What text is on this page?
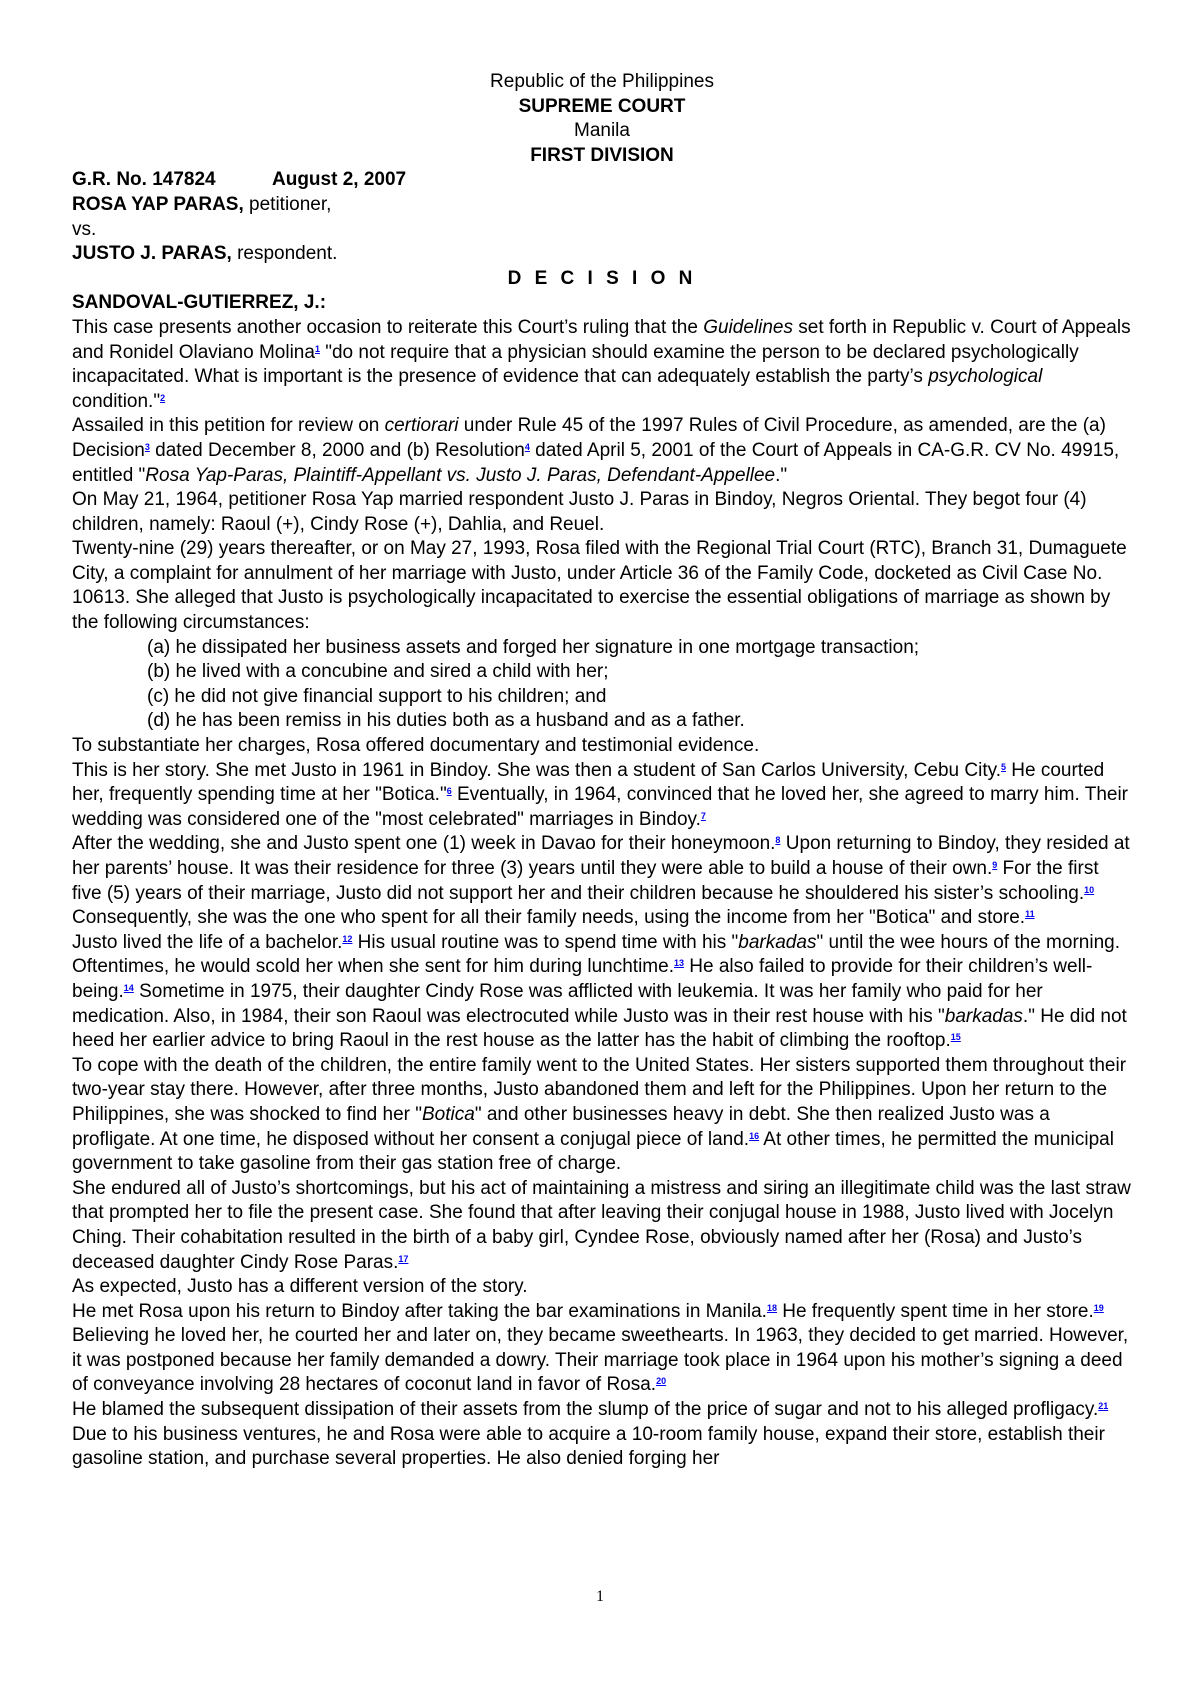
Republic of the Philippines
SUPREME COURT
Manila
FIRST DIVISION
G.R. No. 147824	August 2, 2007
ROSA YAP PARAS, petitioner,
vs.
JUSTO J. PARAS, respondent.
D E C I S I O N
SANDOVAL-GUTIERREZ, J.:

This case presents another occasion to reiterate this Court’s ruling that the Guidelines set forth in Republic v. Court of Appeals and Ronidel Olaviano Molina$^1$ "do not require that a physician should examine the person to be declared psychologically incapacitated. What is important is the presence of evidence that can adequately establish the party’s psychological condition."$^2$

Assailed in this petition for review on certiorari under Rule 45 of the 1997 Rules of Civil Procedure, as amended, are the (a) Decision$^3$ dated December 8, 2000 and (b) Resolution$^4$ dated April 5, 2001 of the Court of Appeals in CA-G.R. CV No. 49915, entitled "Rosa Yap-Paras, Plaintiff-Appellant vs. Justo J. Paras, Defendant-Appellee."

On May 21, 1964, petitioner Rosa Yap married respondent Justo J. Paras in Bindoy, Negros Oriental. They begot four (4) children, namely: Raoul (+), Cindy Rose (+), Dahlia, and Reuel.

Twenty-nine (29) years thereafter, or on May 27, 1993, Rosa filed with the Regional Trial Court (RTC), Branch 31, Dumaguete City, a complaint for annulment of her marriage with Justo, under Article 36 of the Family Code, docketed as Civil Case No. 10613. She alleged that Justo is psychologically incapacitated to exercise the essential obligations of marriage as shown by the following circumstances:

(a) he dissipated her business assets and forged her signature in one mortgage transaction;
(b) he lived with a concubine and sired a child with her;
(c) he did not give financial support to his children; and
(d) he has been remiss in his duties both as a husband and as a father.

To substantiate her charges, Rosa offered documentary and testimonial evidence.

This is her story. She met Justo in 1961 in Bindoy. She was then a student of San Carlos University, Cebu City.$^5$ He courted her, frequently spending time at her "Botica."$^6$ Eventually, in 1964, convinced that he loved her, she agreed to marry him. Their wedding was considered one of the "most celebrated" marriages in Bindoy.$^7$

After the wedding, she and Justo spent one (1) week in Davao for their honeymoon.$^8$ Upon returning to Bindoy, they resided at her parents’ house. It was their residence for three (3) years until they were able to build a house of their own.$^9$ For the first five (5) years of their marriage, Justo did not support her and their children because he shouldered his sister’s schooling.$^{10}$ Consequently, she was the one who spent for all their family needs, using the income from her "Botica" and store.$^{11}$

Justo lived the life of a bachelor.$^{12}$ His usual routine was to spend time with his "barkadas" until the wee hours of the morning. Oftentimes, he would scold her when she sent for him during lunchtime.$^{13}$ He also failed to provide for their children’s well-being.$^{14}$ Sometime in 1975, their daughter Cindy Rose was afflicted with leukemia. It was her family who paid for her medication. Also, in 1984, their son Raoul was electrocuted while Justo was in their rest house with his "barkadas." He did not heed her earlier advice to bring Raoul in the rest house as the latter has the habit of climbing the rooftop.$^{15}$

To cope with the death of the children, the entire family went to the United States. Her sisters supported them throughout their two-year stay there. However, after three months, Justo abandoned them and left for the Philippines. Upon her return to the Philippines, she was shocked to find her "Botica" and other businesses heavy in debt. She then realized Justo was a profligate. At one time, he disposed without her consent a conjugal piece of land.$^{16}$ At other times, he permitted the municipal government to take gasoline from their gas station free of charge.

She endured all of Justo’s shortcomings, but his act of maintaining a mistress and siring an illegitimate child was the last straw that prompted her to file the present case. She found that after leaving their conjugal house in 1988, Justo lived with Jocelyn Ching. Their cohabitation resulted in the birth of a baby girl, Cyndee Rose, obviously named after her (Rosa) and Justo’s deceased daughter Cindy Rose Paras.$^{17}$

As expected, Justo has a different version of the story.

He met Rosa upon his return to Bindoy after taking the bar examinations in Manila.$^{18}$ He frequently spent time in her store.$^{19}$ Believing he loved her, he courted her and later on, they became sweethearts. In 1963, they decided to get married. However, it was postponed because her family demanded a dowry. Their marriage took place in 1964 upon his mother’s signing a deed of conveyance involving 28 hectares of coconut land in favor of Rosa.$^{20}$

He blamed the subsequent dissipation of their assets from the slump of the price of sugar and not to his alleged profligacy.$^{21}$ Due to his business ventures, he and Rosa were able to acquire a 10-room family house, expand their store, establish their gasoline station, and purchase several properties. He also denied forging her

1
